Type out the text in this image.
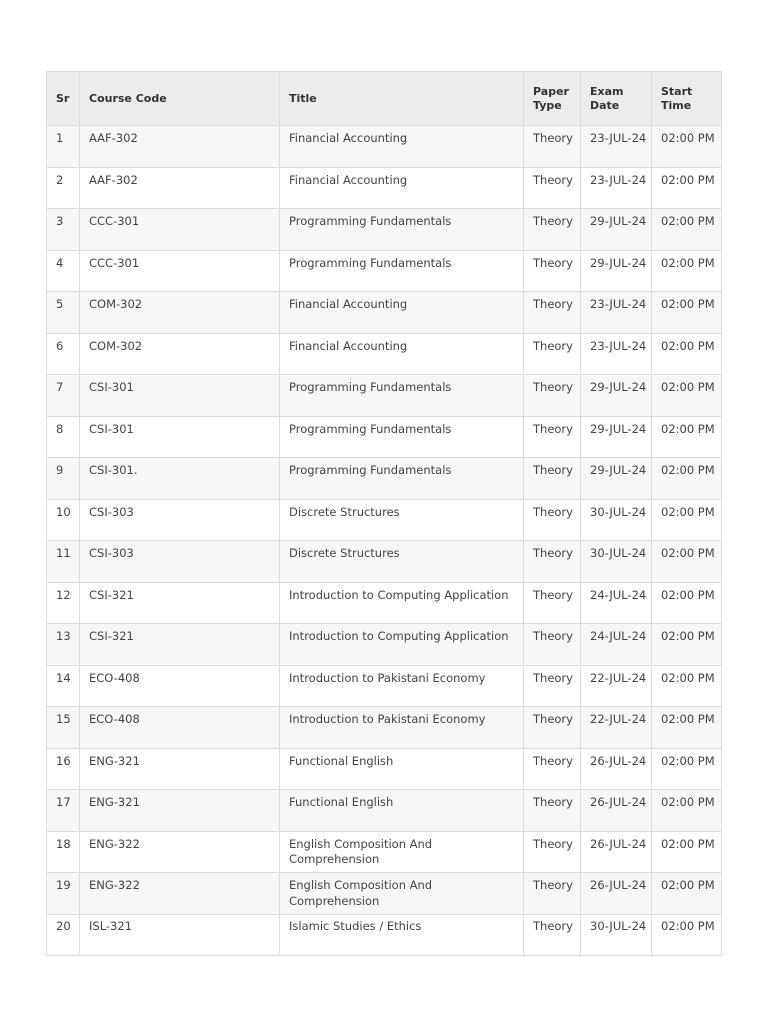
Sr	Course Code	Title	Paper Type	Exam Date	Start Time
1	AAF-302	Financial Accounting	Theory	23-JUL-24	02:00 PM
2	AAF-302	Financial Accounting	Theory	23-JUL-24	02:00 PM
3	CCC-301	Programming Fundamentals	Theory	29-JUL-24	02:00 PM
4	CCC-301	Programming Fundamentals	Theory	29-JUL-24	02:00 PM
5	COM-302	Financial Accounting	Theory	23-JUL-24	02:00 PM
6	COM-302	Financial Accounting	Theory	23-JUL-24	02:00 PM
7	CSI-301	Programming Fundamentals	Theory	29-JUL-24	02:00 PM
8	CSI-301	Programming Fundamentals	Theory	29-JUL-24	02:00 PM
9	CSI-301.	Programming Fundamentals	Theory	29-JUL-24	02:00 PM
10	CSI-303	Discrete Structures	Theory	30-JUL-24	02:00 PM
11	CSI-303	Discrete Structures	Theory	30-JUL-24	02:00 PM
12	CSI-321	Introduction to Computing Application	Theory	24-JUL-24	02:00 PM
13	CSI-321	Introduction to Computing Application	Theory	24-JUL-24	02:00 PM
14	ECO-408	Introduction to Pakistani Economy	Theory	22-JUL-24	02:00 PM
15	ECO-408	Introduction to Pakistani Economy	Theory	22-JUL-24	02:00 PM
16	ENG-321	Functional English	Theory	26-JUL-24	02:00 PM
17	ENG-321	Functional English	Theory	26-JUL-24	02:00 PM
18	ENG-322	English Composition And Comprehension	Theory	26-JUL-24	02:00 PM
19	ENG-322	English Composition And Comprehension	Theory	26-JUL-24	02:00 PM
20	ISL-321	Islamic Studies / Ethics	Theory	30-JUL-24	02:00 PM
